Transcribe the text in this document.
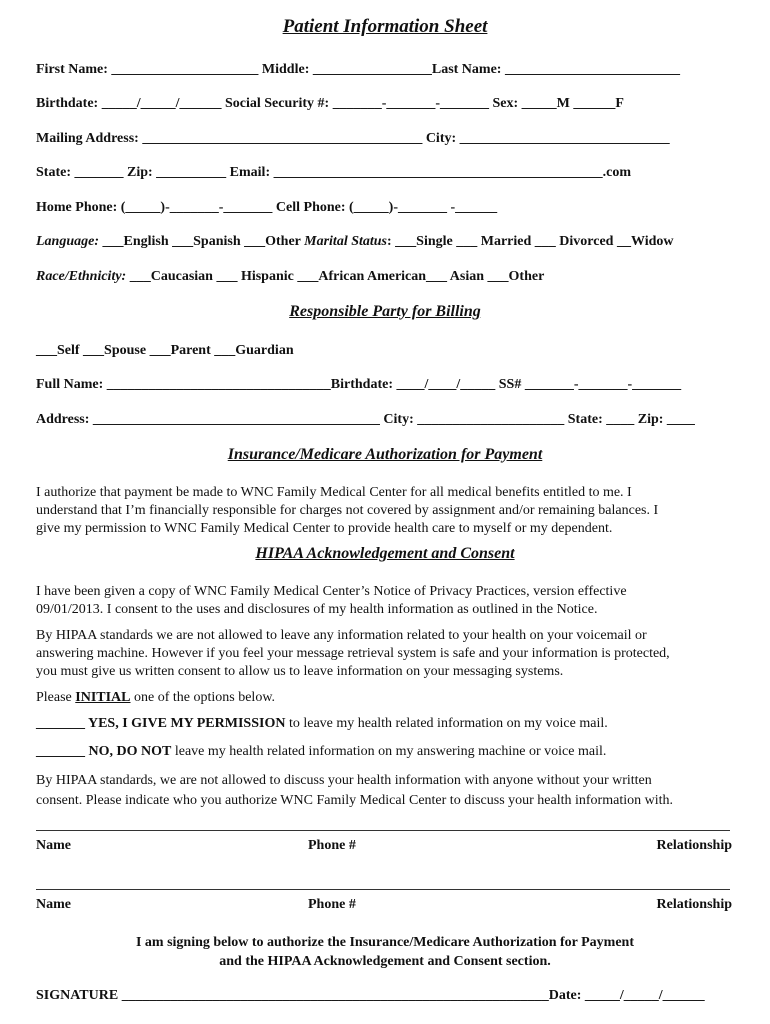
Patient Information Sheet
First Name: _____________________ Middle: _________________Last Name: _________________________
Birthdate: _____/_____/______ Social Security #: _______-_______-_______ Sex: _____M ______F
Mailing Address: ________________________________________ City: ______________________________
State: _______ Zip: __________ Email: _______________________________________________.com
Home Phone: (_____)-_______-_______ Cell Phone: (_____)-_______ -______
Language: ___English ___Spanish ___Other Marital Status: ___Single ___ Married ___ Divorced __Widow
Race/Ethnicity: ___Caucasian ___ Hispanic ___African American___ Asian ___Other
Responsible Party for Billing
___Self ___Spouse ___Parent ___Guardian
Full Name: ________________________________Birthdate: ____/____/_____ SS# _______-_______-_______
Address: _________________________________________ City: _____________________ State: ____ Zip: ____
Insurance/Medicare Authorization for Payment
I authorize that payment be made to WNC Family Medical Center for all medical benefits entitled to me. I
understand that I’m financially responsible for charges not covered by assignment and/or remaining balances. I
give my permission to WNC Family Medical Center to provide health care to myself or my dependent.
HIPAA Acknowledgement and Consent
I have been given a copy of WNC Family Medical Center’s Notice of Privacy Practices, version effective
09/01/2013. I consent to the uses and disclosures of my health information as outlined in the Notice.
By HIPAA standards we are not allowed to leave any information related to your health on your voicemail or
answering machine. However if you feel your message retrieval system is safe and your information is protected,
you must give us written consent to allow us to leave information on your messaging systems.
Please INITIAL one of the options below.
_______ YES, I GIVE MY PERMISSION to leave my health related information on my voice mail.
_______ NO, DO NOT leave my health related information on my answering machine or voice mail.
By HIPAA standards, we are not allowed to discuss your health information with anyone without your written
consent. Please indicate who you authorize WNC Family Medical Center to discuss your health information with.
Name	Phone #	Relationship
Name	Phone #	Relationship
I am signing below to authorize the Insurance/Medicare Authorization for Payment
and the HIPAA Acknowledgement and Consent section.
SIGNATURE _____________________________________________________________Date: _____/_____/______
